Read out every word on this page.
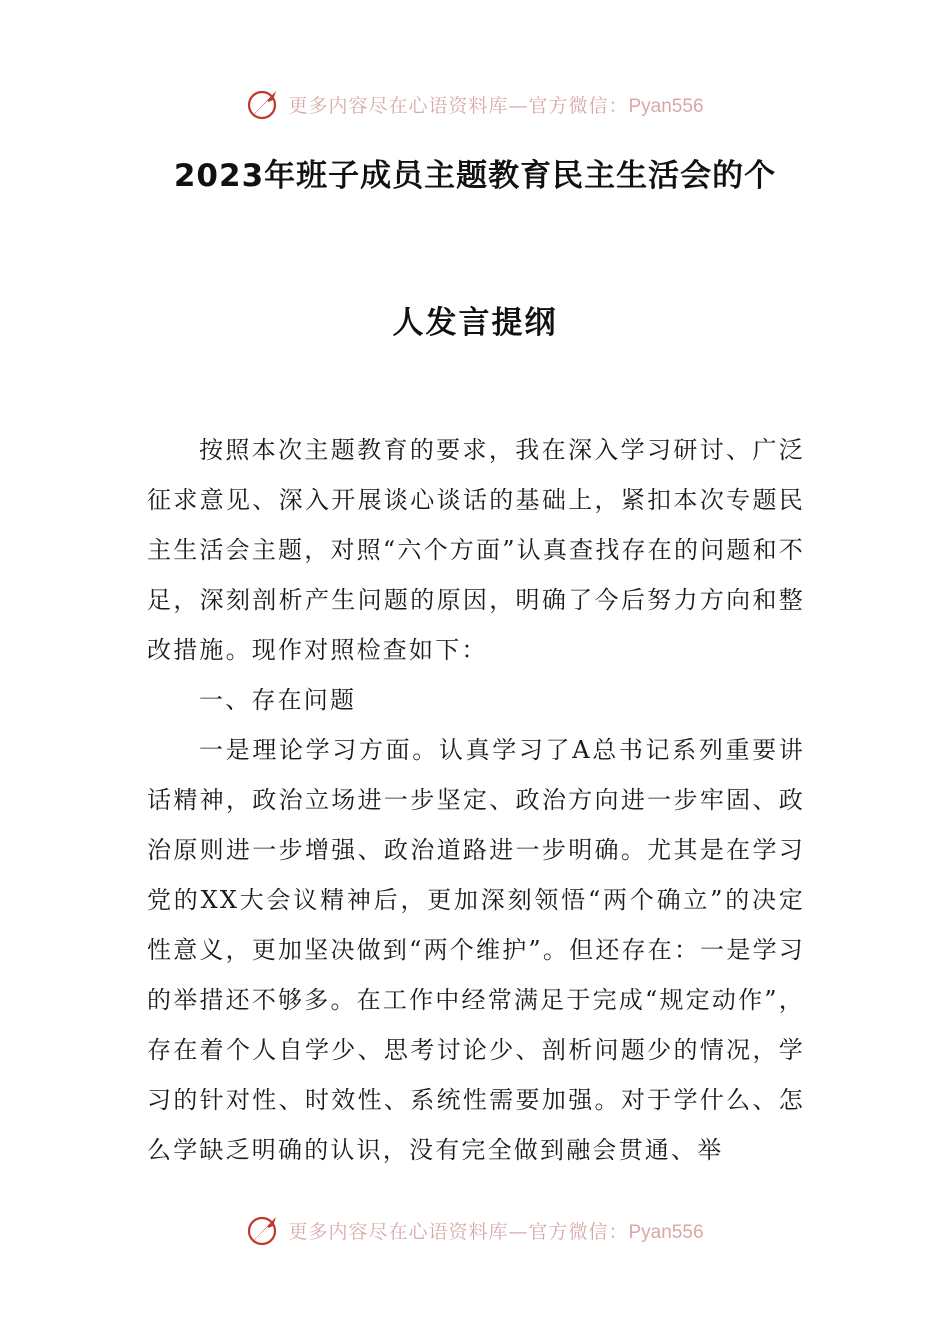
更多内容尽在心语资料库—官方微信：Pyan556
2023年班子成员主题教育民主生活会的个
人发言提纲

按照本次主题教育的要求，我在深入学习研讨、广泛征求意见、深入开展谈心谈话的基础上，紧扣本次专题民主生活会主题，对照“六个方面”认真查找存在的问题和不足，深刻剖析产生问题的原因，明确了今后努力方向和整改措施。现作对照检查如下：

一、存在问题

一是理论学习方面。认真学习了A总书记系列重要讲话精神，政治立场进一步坚定、政治方向进一步牢固、政治原则进一步增强、政治道路进一步明确。尤其是在学习党的XX大会议精神后，更加深刻领悟“两个确立”的决定性意义，更加坚决做到“两个维护”。但还存在：一是学习的举措还不够多。在工作中经常满足于完成“规定动作”，存在着个人自学少、思考讨论少、剖析问题少的情况，学习的针对性、时效性、系统性需要加强。对于学什么、怎么学缺乏明确的认识，没有完全做到融会贯通、举

更多内容尽在心语资料库—官方微信：Pyan556
